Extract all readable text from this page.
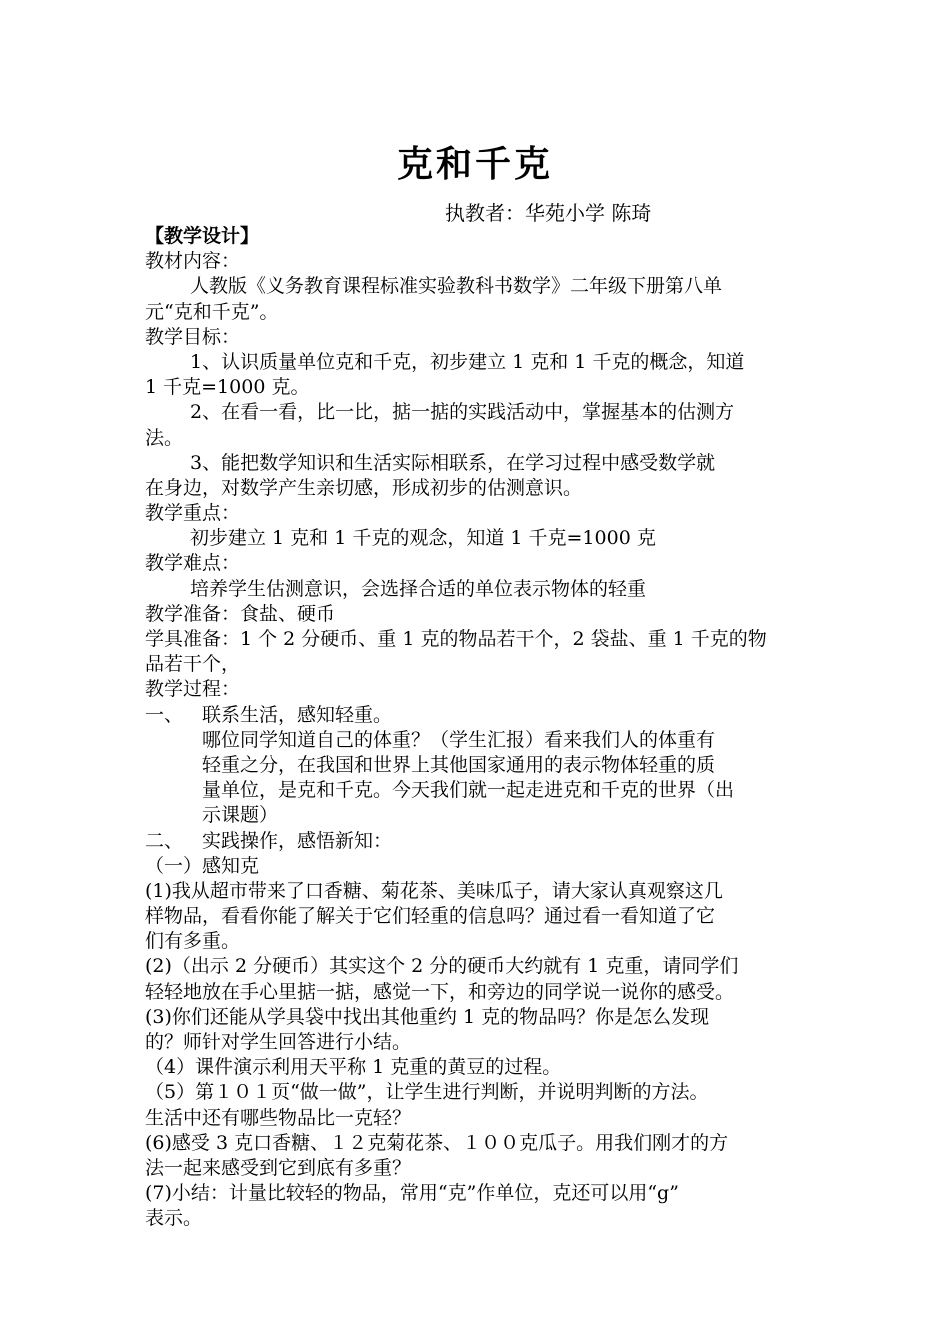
克和千克
执教者：华苑小学 陈琦
【教学设计】
教材内容：
人教版《义务教育课程标准实验教科书数学》二年级下册第八单
元“克和千克”。
教学目标：
1、认识质量单位克和千克，初步建立 1 克和 1 千克的概念，知道
1 千克=1000 克。
2、在看一看，比一比，掂一掂的实践活动中，掌握基本的估测方
法。
3、能把数学知识和生活实际相联系，在学习过程中感受数学就
在身边，对数学产生亲切感，形成初步的估测意识。
教学重点：
初步建立 1 克和 1 千克的观念，知道 1 千克=1000 克
教学难点：
培养学生估测意识，会选择合适的单位表示物体的轻重
教学准备：食盐、硬币
学具准备：1 个 2 分硬币、重 1 克的物品若干个，2 袋盐、重 1 千克的物
品若干个，
教学过程：
一、 联系生活，感知轻重。
哪位同学知道自己的体重？（学生汇报）看来我们人的体重有
轻重之分，在我国和世界上其他国家通用的表示物体轻重的质
量单位，是克和千克。今天我们就一起走进克和千克的世界（出
示课题）
二、 实践操作，感悟新知：
（一）感知克
(1)我从超市带来了口香糖、菊花茶、美味瓜子，请大家认真观察这几
样物品，看看你能了解关于它们轻重的信息吗？通过看一看知道了它
们有多重。
(2)（出示 2 分硬币）其实这个 2 分的硬币大约就有 1 克重，请同学们
轻轻地放在手心里掂一掂，感觉一下，和旁边的同学说一说你的感受。
(3)你们还能从学具袋中找出其他重约 1 克的物品吗？你是怎么发现
的？师针对学生回答进行小结。
（4）课件演示利用天平称 1 克重的黄豆的过程。
（5）第１０１页“做一做”，让学生进行判断，并说明判断的方法。
生活中还有哪些物品比一克轻？
(6)感受 3 克口香糖、１２克菊花茶、１００克瓜子。用我们刚才的方
法一起来感受到它到底有多重？
(7)小结：计量比较轻的物品，常用“克”作单位，克还可以用“g”
表示。
